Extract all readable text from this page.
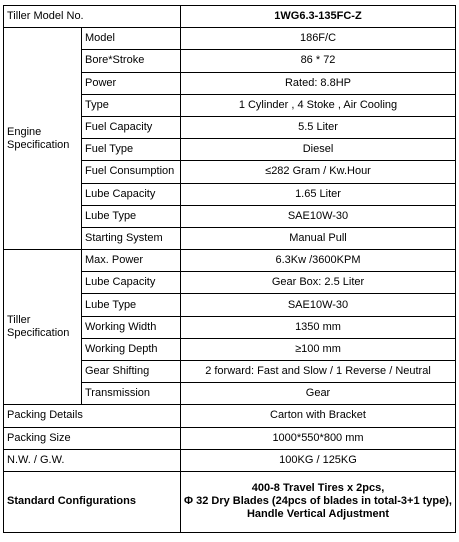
Tiller Model No.		1WG6.3-135FC-Z
Engine
Specification	Model	186F/C
	Bore*Stroke	86 * 72
	Power	Rated: 8.8HP
	Type	1 Cylinder , 4 Stoke , Air Cooling
	Fuel Capacity	5.5 Liter
	Fuel Type	Diesel
	Fuel Consumption	≤282 Gram / Kw.Hour
	Lube Capacity	1.65 Liter
	Lube Type	SAE10W-30
	Starting System	Manual Pull
Tiller
Specification	Max. Power	6.3Kw /3600KPM
	Lube Capacity	Gear Box: 2.5 Liter
	Lube Type	SAE10W-30
	Working Width	1350 mm
	Working Depth	≥100 mm
	Gear Shifting	2 forward: Fast and Slow / 1 Reverse / Neutral
	Transmission	Gear
Packing Details		Carton with Bracket
Packing Size		1000*550*800 mm
N.W. / G.W.		100KG / 125KG
Standard Configurations		400-8 Travel Tires x 2pcs,
Φ 32 Dry Blades (24pcs of blades in total-3+1 type),
Handle Vertical Adjustment
